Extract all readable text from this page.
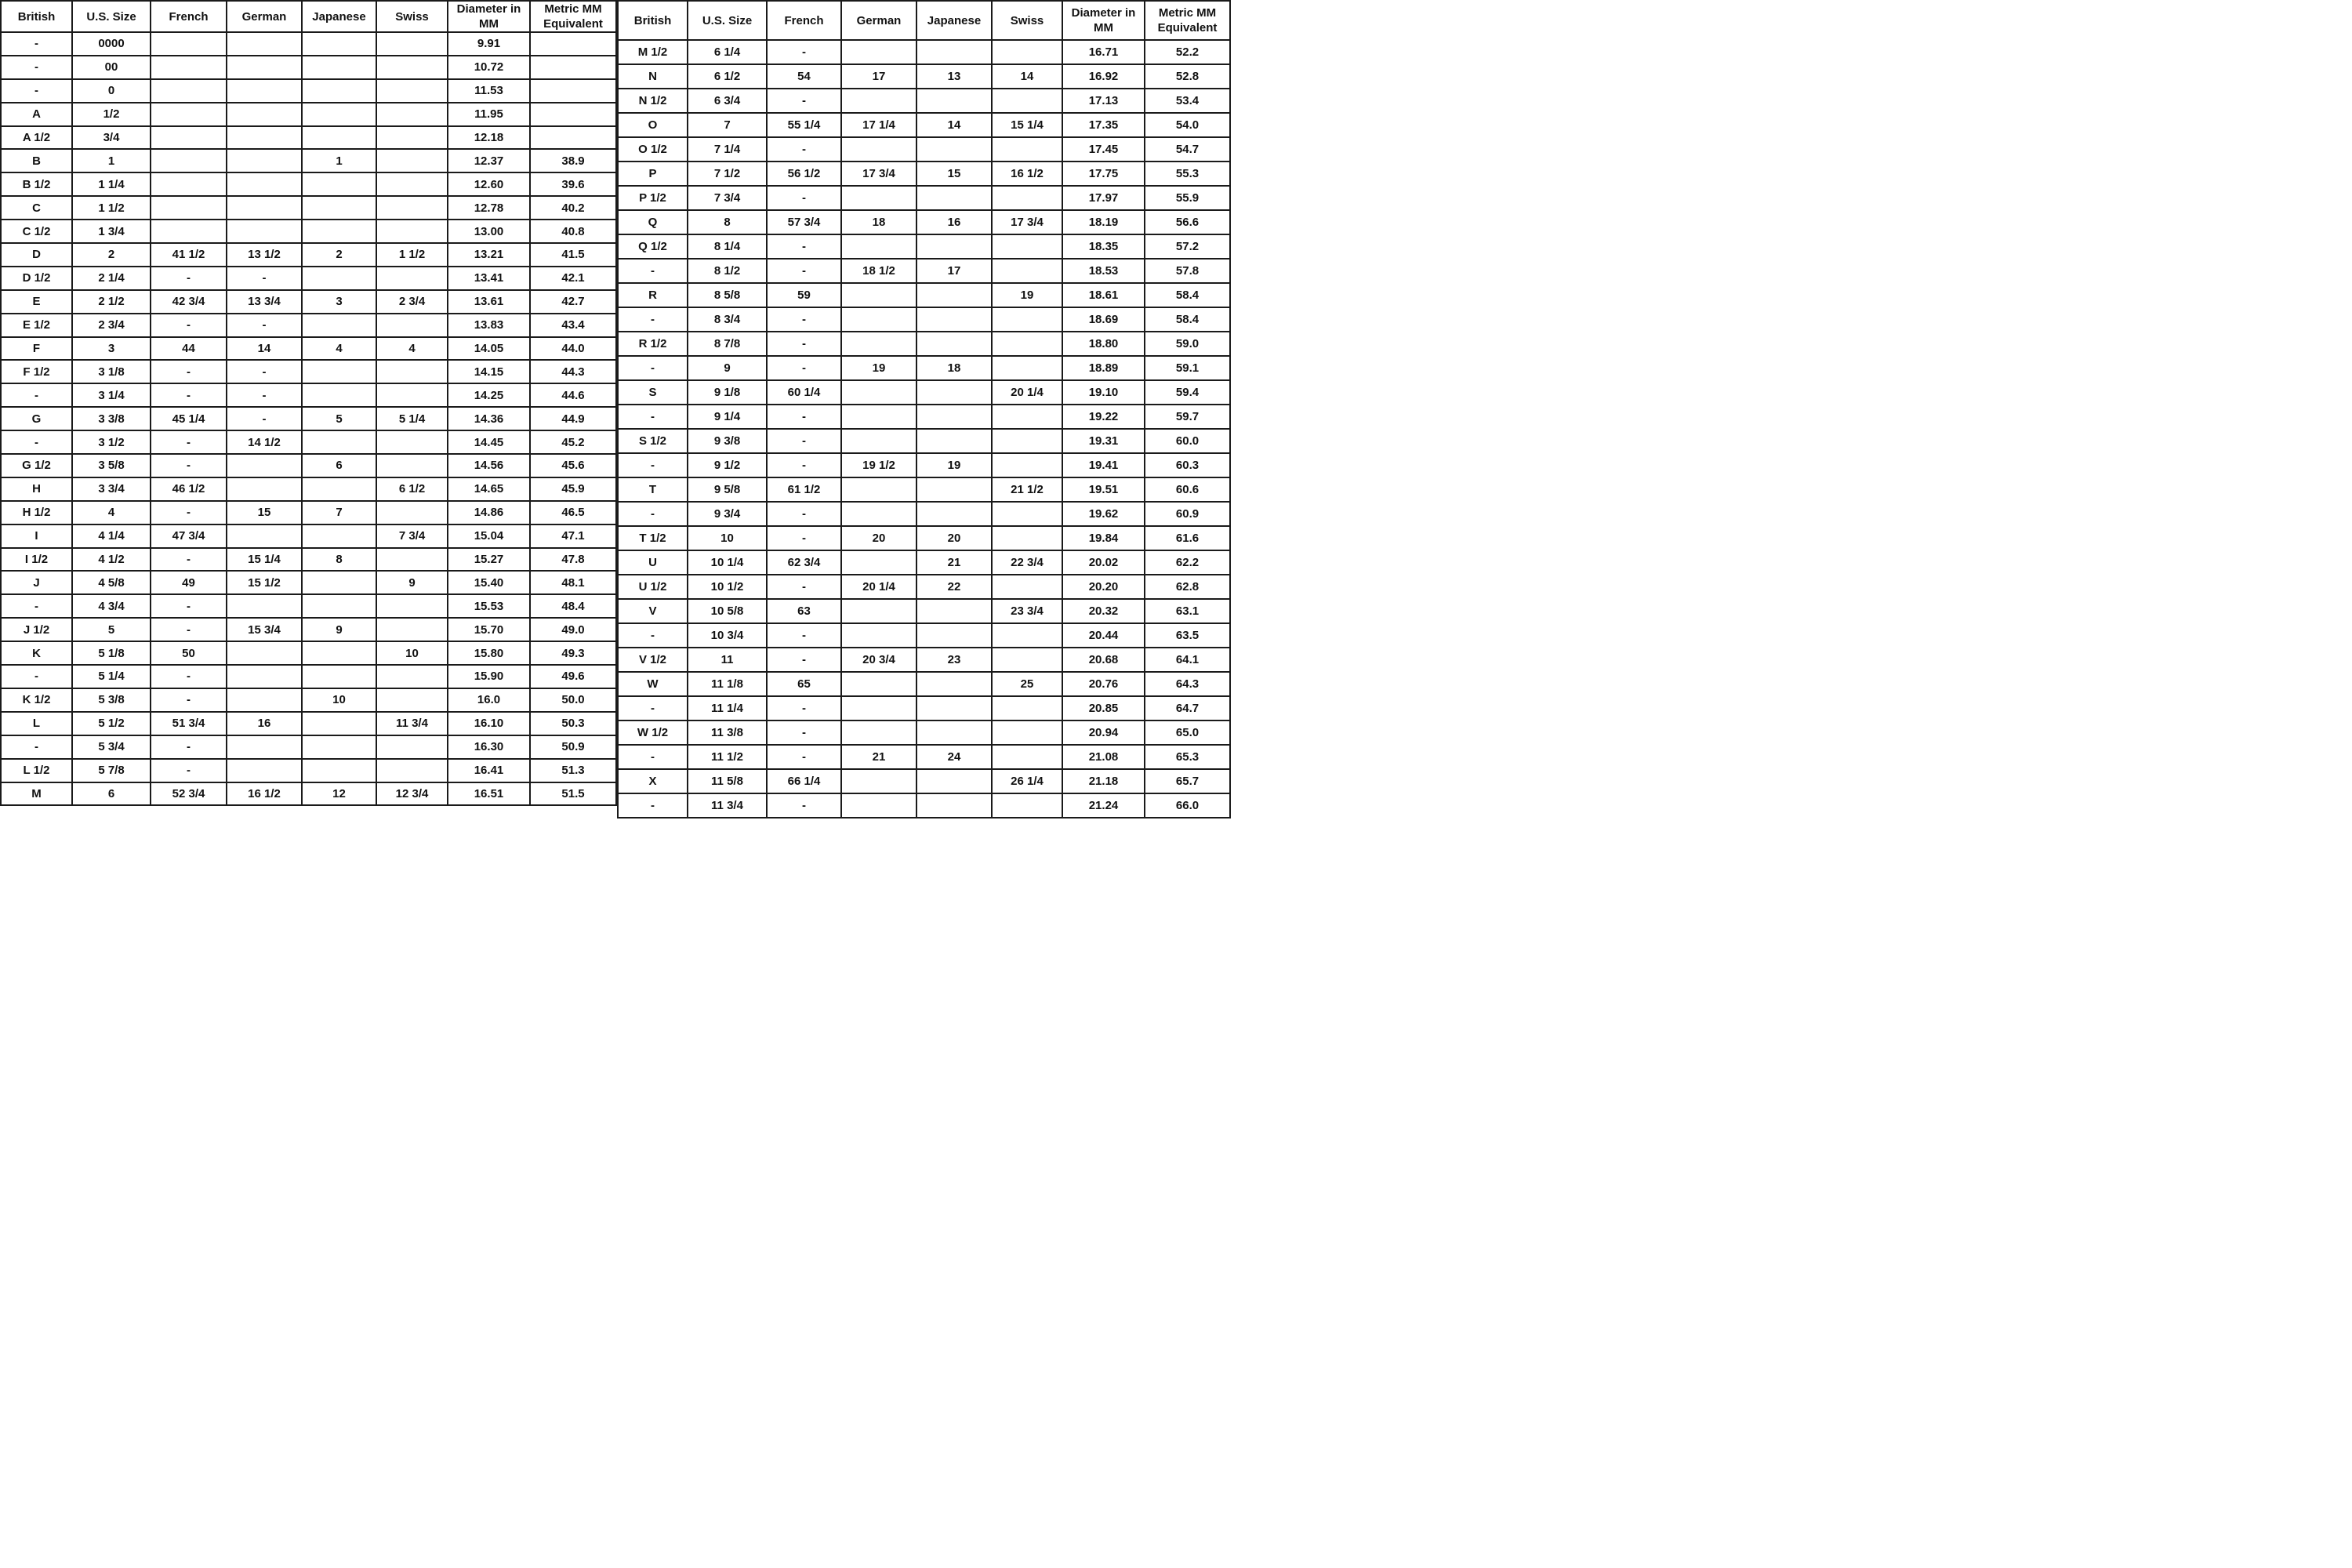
British	U.S. Size	French	German	Japanese	Swiss	Diameter in MM	Metric MM Equivalent
-	0000					9.91	
-	00					10.72	
-	0					11.53	
A	1/2					11.95	
A 1/2	3/4					12.18	
B	1			1		12.37	38.9
B 1/2	1 1/4					12.60	39.6
C	1 1/2					12.78	40.2
C 1/2	1 3/4					13.00	40.8
D	2	41 1/2	13 1/2	2	1 1/2	13.21	41.5
D 1/2	2 1/4	-	-			13.41	42.1
E	2 1/2	42 3/4	13 3/4	3	2 3/4	13.61	42.7
E 1/2	2 3/4	-	-			13.83	43.4
F	3	44	14	4	4	14.05	44.0
F 1/2	3 1/8	-	-			14.15	44.3
-	3 1/4	-	-			14.25	44.6
G	3 3/8	45 1/4	-	5	5 1/4	14.36	44.9
-	3 1/2	-	14 1/2			14.45	45.2
G 1/2	3 5/8	-		6		14.56	45.6
H	3 3/4	46 1/2			6 1/2	14.65	45.9
H 1/2	4	-	15	7		14.86	46.5
I	4 1/4	47 3/4			7 3/4	15.04	47.1
I 1/2	4 1/2	-	15 1/4	8		15.27	47.8
J	4 5/8	49	15 1/2		9	15.40	48.1
-	4 3/4	-				15.53	48.4
J 1/2	5	-	15 3/4	9		15.70	49.0
K	5 1/8	50			10	15.80	49.3
-	5 1/4	-				15.90	49.6
K 1/2	5 3/8	-		10		16.0	50.0
L	5 1/2	51 3/4	16		11 3/4	16.10	50.3
-	5 3/4	-				16.30	50.9
L 1/2	5 7/8	-				16.41	51.3
M	6	52 3/4	16 1/2	12	12 3/4	16.51	51.5
British	U.S. Size	French	German	Japanese	Swiss	Diameter in MM	Metric MM Equivalent
M 1/2	6 1/4	-				16.71	52.2
N	6 1/2	54	17	13	14	16.92	52.8
N 1/2	6 3/4	-				17.13	53.4
O	7	55 1/4	17 1/4	14	15 1/4	17.35	54.0
O 1/2	7 1/4	-				17.45	54.7
P	7 1/2	56 1/2	17 3/4	15	16 1/2	17.75	55.3
P 1/2	7 3/4	-				17.97	55.9
Q	8	57 3/4	18	16	17 3/4	18.19	56.6
Q 1/2	8 1/4	-				18.35	57.2
-	8 1/2	-	18 1/2	17		18.53	57.8
R	8 5/8	59			19	18.61	58.4
-	8 3/4	-				18.69	58.4
R 1/2	8 7/8	-				18.80	59.0
-	9	-	19	18		18.89	59.1
S	9 1/8	60 1/4			20 1/4	19.10	59.4
-	9 1/4	-				19.22	59.7
S 1/2	9 3/8	-				19.31	60.0
-	9 1/2	-	19 1/2	19		19.41	60.3
T	9 5/8	61 1/2			21 1/2	19.51	60.6
-	9 3/4	-				19.62	60.9
T 1/2	10	-	20	20		19.84	61.6
U	10 1/4	62 3/4		21	22 3/4	20.02	62.2
U 1/2	10 1/2	-	20 1/4	22		20.20	62.8
V	10 5/8	63			23 3/4	20.32	63.1
-	10 3/4	-				20.44	63.5
V 1/2	11	-	20 3/4	23		20.68	64.1
W	11 1/8	65			25	20.76	64.3
-	11 1/4	-				20.85	64.7
W 1/2	11 3/8	-				20.94	65.0
-	11 1/2	-	21	24		21.08	65.3
X	11 5/8	66 1/4			26 1/4	21.18	65.7
-	11 3/4	-				21.24	66.0
